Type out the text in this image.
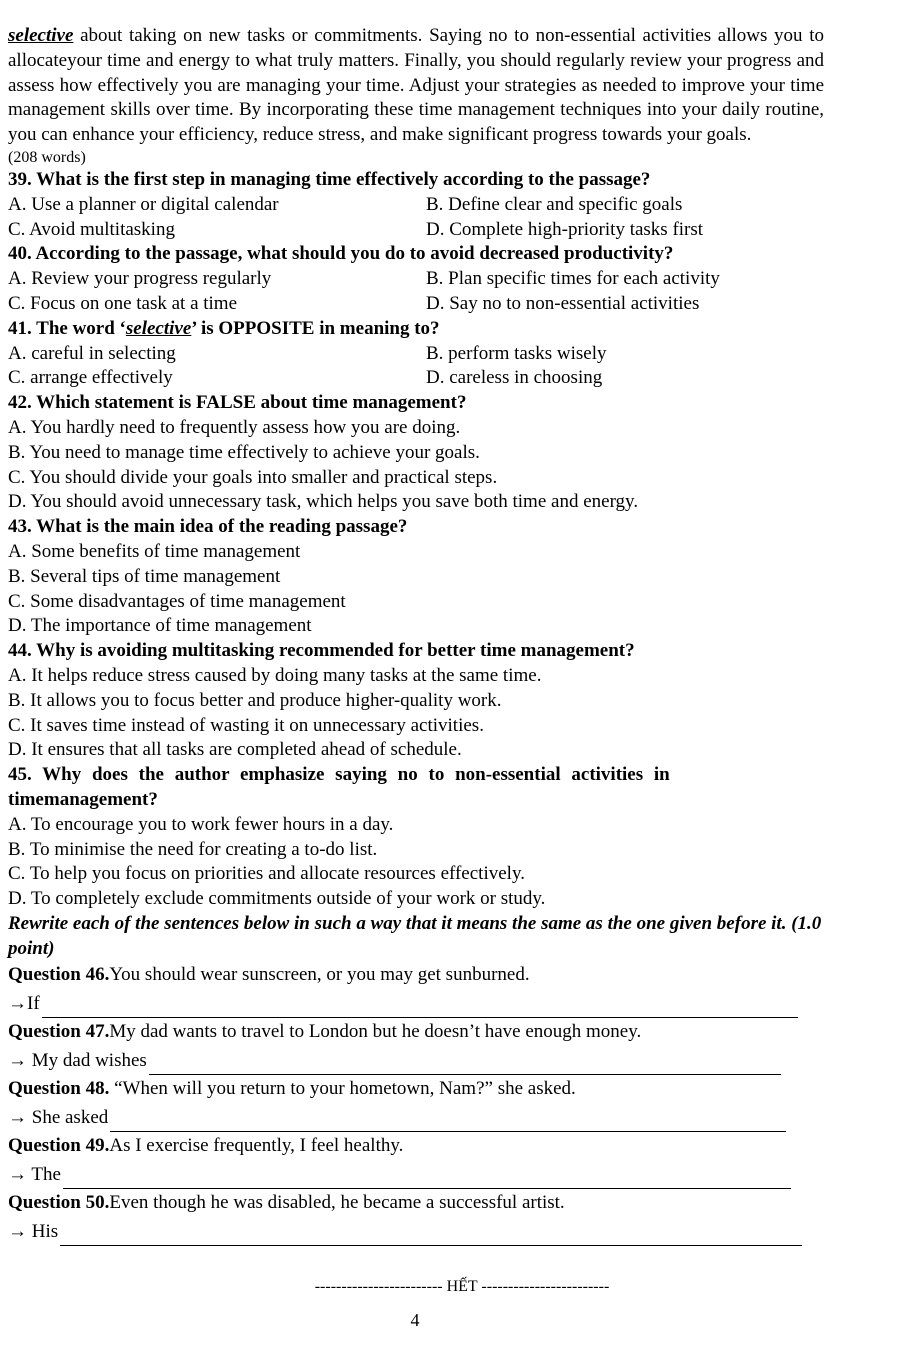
selective about taking on new tasks or commitments. Saying no to non-essential activities allows you to allocateyour time and energy to what truly matters. Finally, you should regularly review your progress and assess how effectively you are managing your time. Adjust your strategies as needed to improve your time management skills over time. By incorporating these time management techniques into your daily routine, you can enhance your efficiency, reduce stress, and make significant progress towards your goals.

(208 words)

39. What is the first step in managing time effectively according to the passage?

A. Use a planner or digital calendar	B. Define clear and specific goals
C. Avoid multitasking	D. Complete high-priority tasks first

40. According to the passage, what should you do to avoid decreased productivity?

A. Review your progress regularly	B. Plan specific times for each activity
C. Focus on one task at a time	D. Say no to non-essential activities

41. The word ‘selective’ is OPPOSITE in meaning to?

A. careful in selecting	B. perform tasks wisely
C. arrange effectively	D. careless in choosing

42. Which statement is FALSE about time management?

A. You hardly need to frequently assess how you are doing.

B. You need to manage time effectively to achieve your goals.

C. You should divide your goals into smaller and practical steps.

D. You should avoid unnecessary task, which helps you save both time and energy.

43. What is the main idea of the reading passage?

A. Some benefits of time management

B. Several tips of time management

C. Some disadvantages of time management

D. The importance of time management

44. Why is avoiding multitasking recommended for better time management?

A. It helps reduce stress caused by doing many tasks at the same time.

B. It allows you to focus better and produce higher-quality work.

C. It saves time instead of wasting it on unnecessary activities.

D. It ensures that all tasks are completed ahead of schedule.

45. Why does the author emphasize saying no to non-essential activities in

timemanagement?

A. To encourage you to work fewer hours in a day.

B. To minimise the need for creating a to-do list.

C. To help you focus on priorities and allocate resources effectively.

D. To completely exclude commitments outside of your work or study.

Rewrite each of the sentences below in such a way that it means the same as the one given before it. (1.0 point)

Question 46.You should wear sunscreen, or you may get sunburned.

→If

Question 47.My dad wants to travel to London but he doesn’t have enough money.

→ My dad wishes

Question 48. “When will you return to your hometown, Nam?” she asked.

→ She asked

Question 49.As I exercise frequently, I feel healthy.

→ The

Question 50.Even though he was disabled, he became a successful artist.

→ His
------------------------ HẾT ------------------------
4
